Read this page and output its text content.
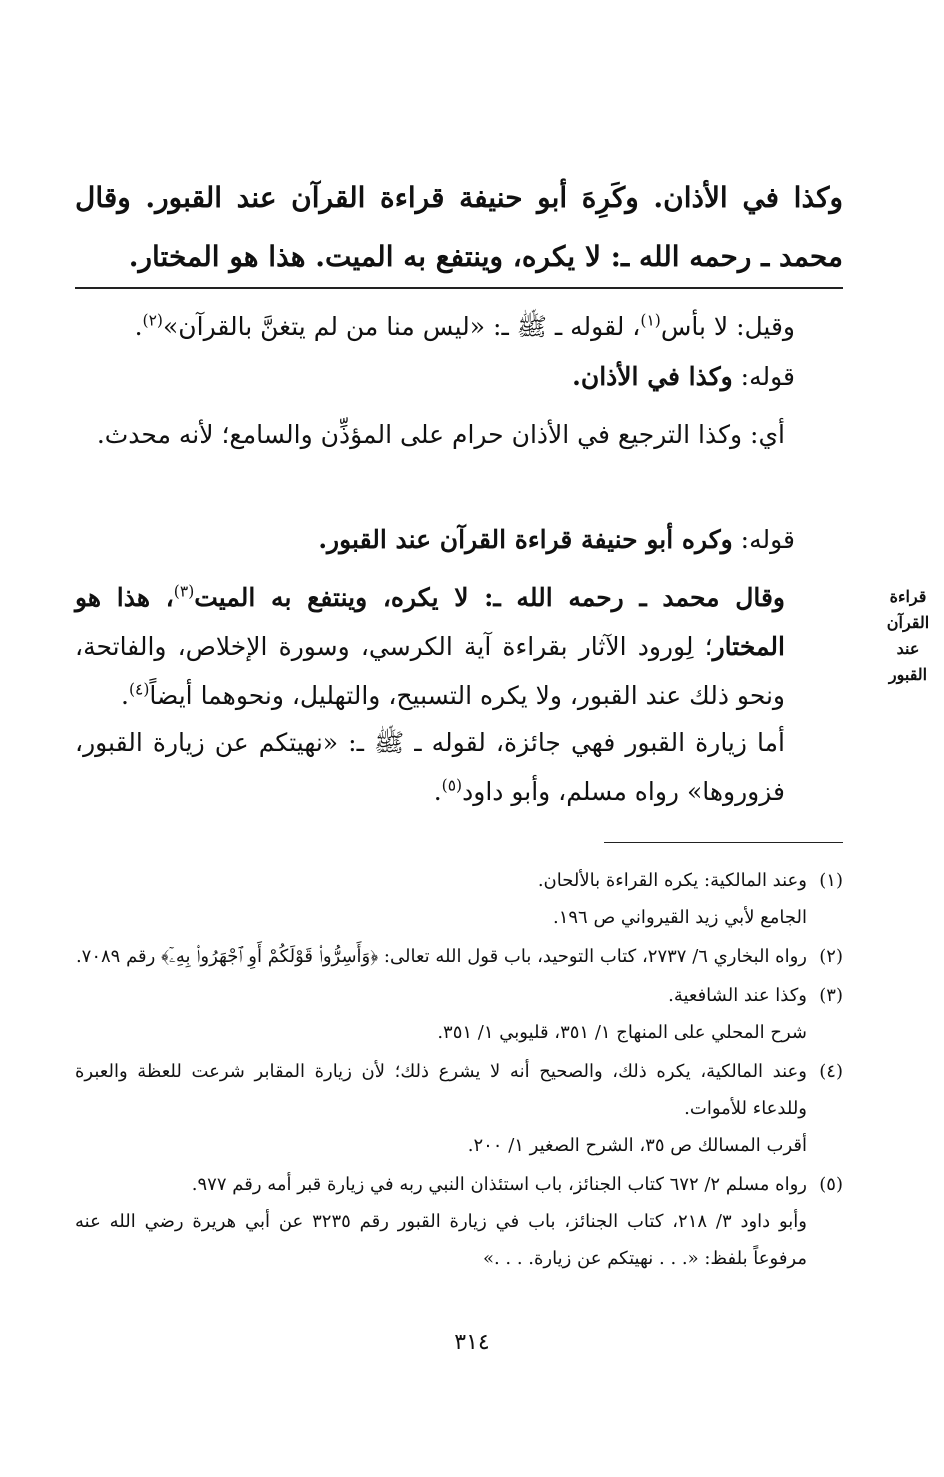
وكذا في الأذان. وكَرِهَ أبو حنيفة قراءة القرآن عند القبور. وقال محمد ـ رحمه الله ـ: لا يكره، وينتفع به الميت. هذا هو المختار.
وقيل: لا بأس$^{(١)}$، لقوله ـ ﷺ ـ: «ليس منا من لم يتغنَّ بالقرآن»$^{(٢)}$.
قوله: وكذا في الأذان.
أي: وكذا الترجيع في الأذان حرام على المؤذِّن والسامع؛ لأنه محدث.
قوله: وكره أبو حنيفة قراءة القرآن عند القبور.
وقال محمد ـ رحمه الله ـ: لا يكره، وينتفع به الميت$^{(٣)}$، هذا هو المختار؛ لِورود الآثار بقراءة آية الكرسي، وسورة الإخلاص، والفاتحة، ونحو ذلك عند القبور، ولا يكره التسبيح، والتهليل، ونحوهما أيضاً$^{(٤)}$.
أما زيارة القبور فهي جائزة، لقوله ـ ﷺ ـ: «نهيتكم عن زيارة القبور، فزوروها» رواه مسلم، وأبو داود$^{(٥)}$.
قراءة
القرآن
عند
القبور
(١)
وعند المالكية: يكره القراءة بالألحان.
الجامع لأبي زيد القيرواني ص ١٩٦.
(٢)
رواه البخاري ٦/ ٢٧٣٧، كتاب التوحيد، باب قول الله تعالى: ﴿وَأَسِرُّوا۟ قَوْلَكُمْ أَوِ ٱجْهَرُوا۟ بِهِۦٓ﴾ رقم ٧٠٨٩.
(٣)
وكذا عند الشافعية.
شرح المحلي على المنهاج ١/ ٣٥١، قليوبي ١/ ٣٥١.
(٤)
وعند المالكية، يكره ذلك، والصحيح أنه لا يشرع ذلك؛ لأن زيارة المقابر شرعت للعظة والعبرة وللدعاء للأموات.
أقرب المسالك ص ٣٥، الشرح الصغير ١/ ٢٠٠.
(٥)
رواه مسلم ٢/ ٦٧٢ كتاب الجنائز، باب استئذان النبي ربه في زيارة قبر أمه رقم ٩٧٧.
وأبو داود ٣/ ٢١٨، كتاب الجنائز، باب في زيارة القبور رقم ٣٢٣٥ عن أبي هريرة رضي الله عنه مرفوعاً بلفظ: «. . . نهيتكم عن زيارة. . . .»
٣١٤
